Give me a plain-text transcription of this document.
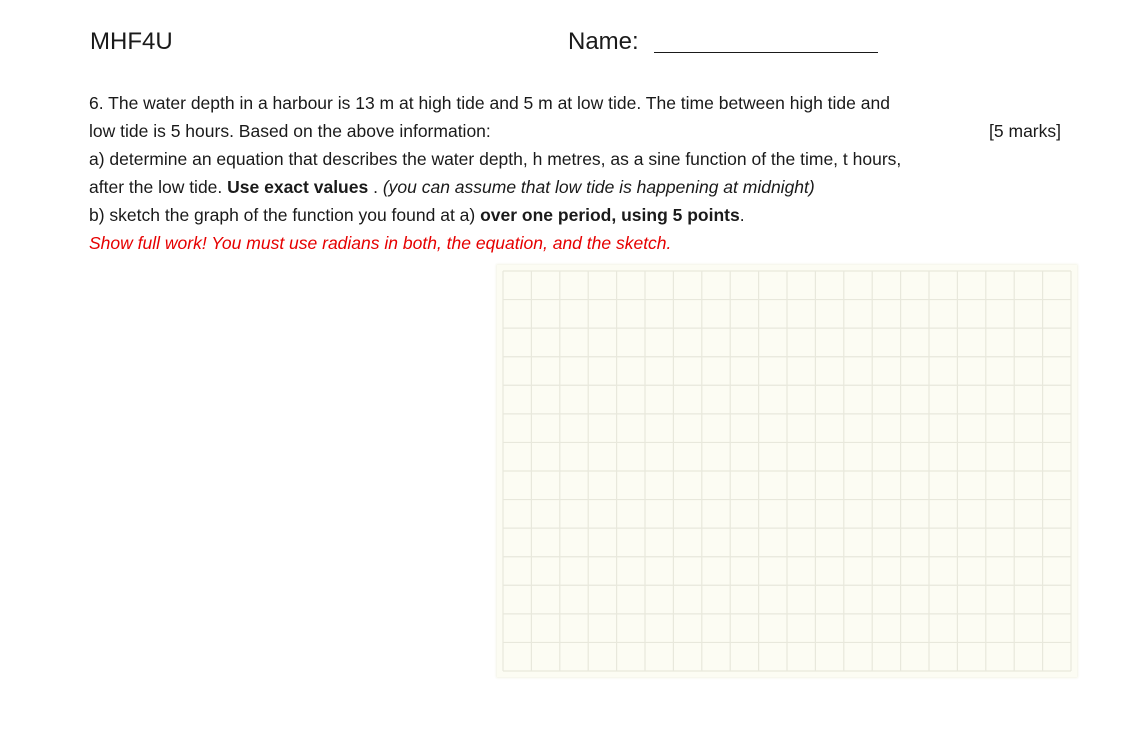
MHF4U	Name:
6. The water depth in a harbour is 13 m at high tide and 5 m at low tide. The time between high tide and
low tide is 5 hours. Based on the above information:	[5 marks]
a) determine an equation that describes the water depth, h metres, as a sine function of the time, t hours,
after the low tide. Use exact values . (you can assume that low tide is happening at midnight)
b) sketch the graph of the function you found at a) over one period, using 5 points.
Show full work! You must use radians in both, the equation, and the sketch.
